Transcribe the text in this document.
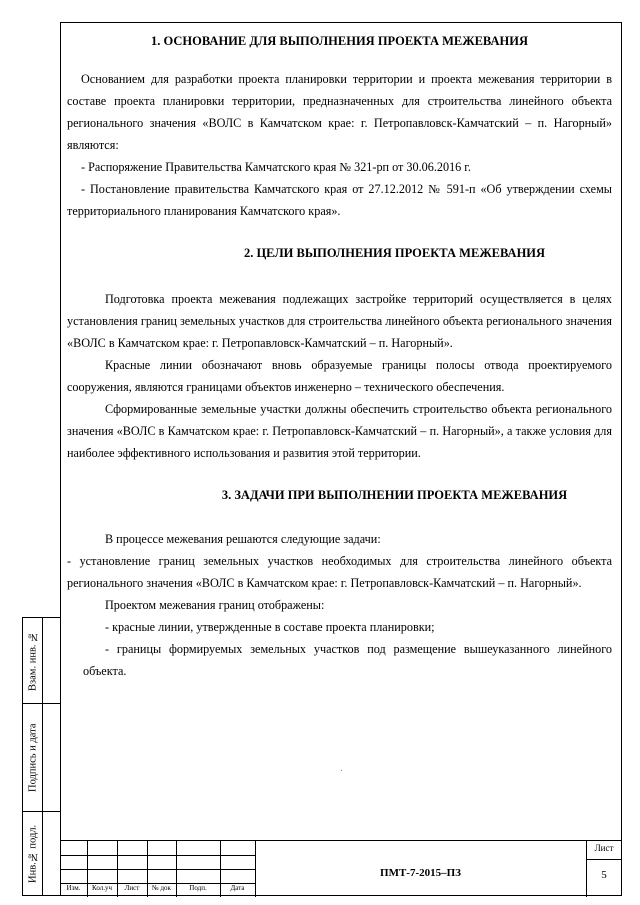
1. ОСНОВАНИЕ ДЛЯ ВЫПОЛНЕНИЯ ПРОЕКТА МЕЖЕВАНИЯ

Основанием для разработки проекта планировки территории и проекта межевания территории в составе проекта планировки территории, предназначенных для строительства линейного объекта регионального значения «ВОЛС в Камчатском крае: г. Петропавловск-Камчатский – п. Нагорный» являются:

- Распоряжение Правительства Камчатского края № 321-рп от 30.06.2016 г.

- Постановление правительства Камчатского края от 27.12.2012 № 591-п «Об утверждении схемы территориального планирования Камчатского края».

2. ЦЕЛИ ВЫПОЛНЕНИЯ ПРОЕКТА МЕЖЕВАНИЯ

Подготовка проекта межевания подлежащих застройке территорий осуществляется в целях установления границ земельных участков для строительства линейного объекта регионального значения «ВОЛС в Камчатском крае: г. Петропавловск-Камчатский – п. Нагорный».

Красные линии обозначают вновь образуемые границы полосы отвода проектируемого сооружения, являются границами объектов инженерно – технического обеспечения.

Сформированные земельные участки должны обеспечить строительство объекта регионального значения «ВОЛС в Камчатском крае: г. Петропавловск-Камчатский – п. Нагорный», а также условия для наиболее эффективного использования и развития этой территории.

3. ЗАДАЧИ ПРИ ВЫПОЛНЕНИИ ПРОЕКТА МЕЖЕВАНИЯ

В процессе межевания решаются следующие задачи:

- установление границ земельных участков необходимых для строительства линейного объекта регионального значения «ВОЛС в Камчатском крае: г. Петропавловск-Камчатский – п. Нагорный».

Проектом межевания границ отображены:

- красные линии, утвержденные в составе проекта планировки;

- границы формируемых земельных участков под размещение вышеуказанного линейного объекта.

Взам. инв. №
Подпись и дата
Инв.№ подл.
Изм.	Кол.уч	Лист	№ док	Подп.	Дата
ПМТ-7-2015–ПЗ
Лист
5
